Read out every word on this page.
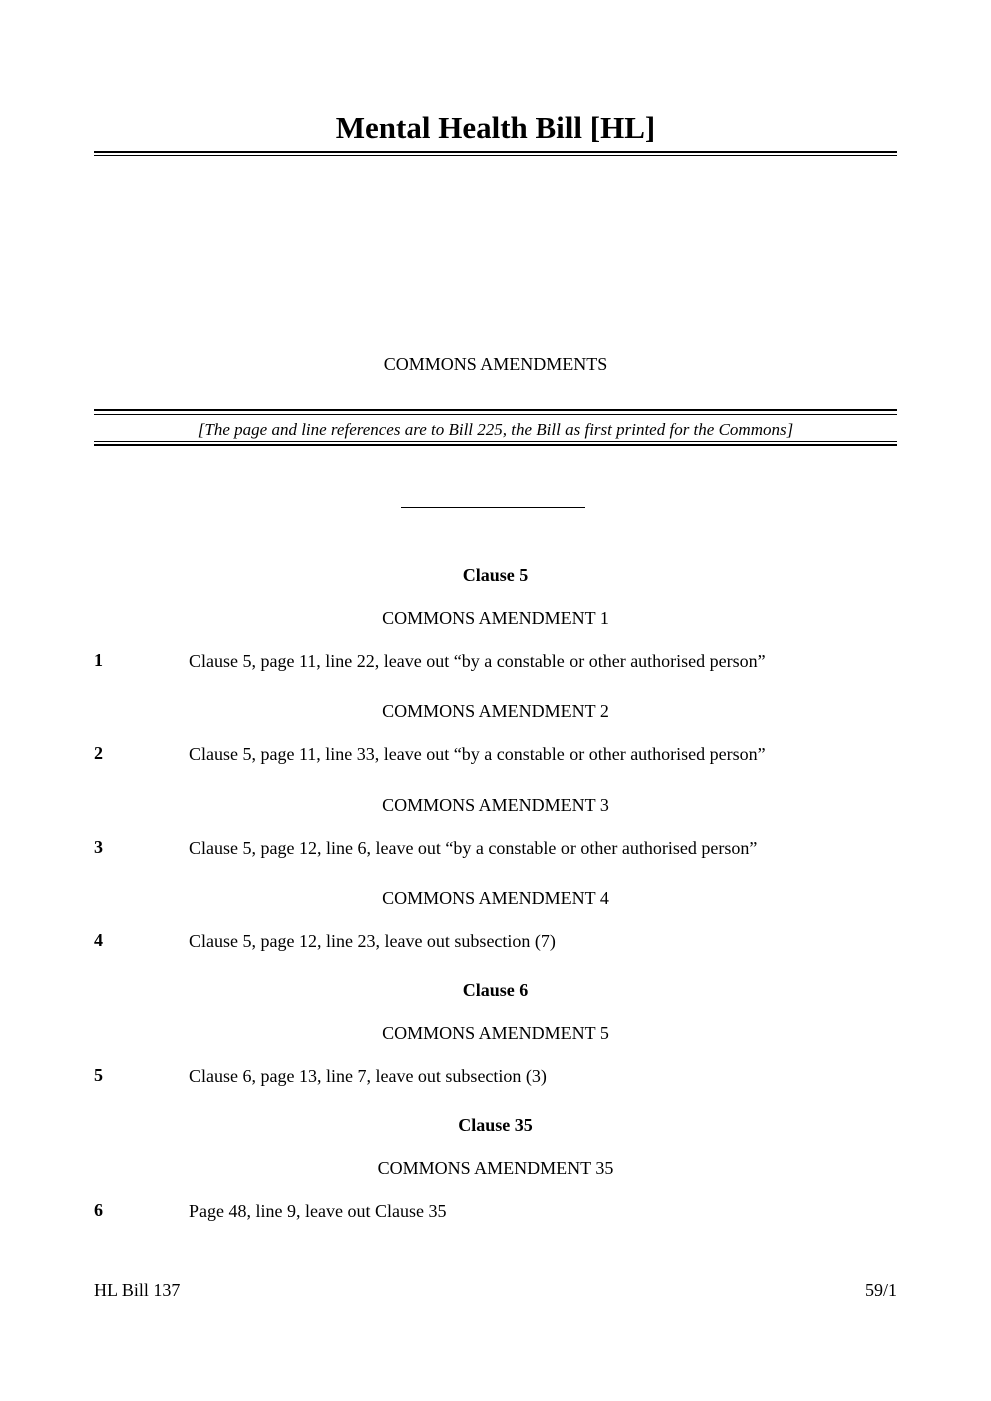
Mental Health Bill [HL]
COMMONS AMENDMENTS
[The page and line references are to Bill 225, the Bill as first printed for the Commons]
Clause 5
COMMONS AMENDMENT 1
1	Clause 5, page 11, line 22, leave out “by a constable or other authorised person”
COMMONS AMENDMENT 2
2	Clause 5, page 11, line 33, leave out “by a constable or other authorised person”
COMMONS AMENDMENT 3
3	Clause 5, page 12, line 6, leave out “by a constable or other authorised person”
COMMONS AMENDMENT 4
4	Clause 5, page 12, line 23, leave out subsection (7)
Clause 6
COMMONS AMENDMENT 5
5	Clause 6, page 13, line 7, leave out subsection (3)
Clause 35
COMMONS AMENDMENT 35
6	Page 48, line 9, leave out Clause 35
HL Bill 137	59/1
